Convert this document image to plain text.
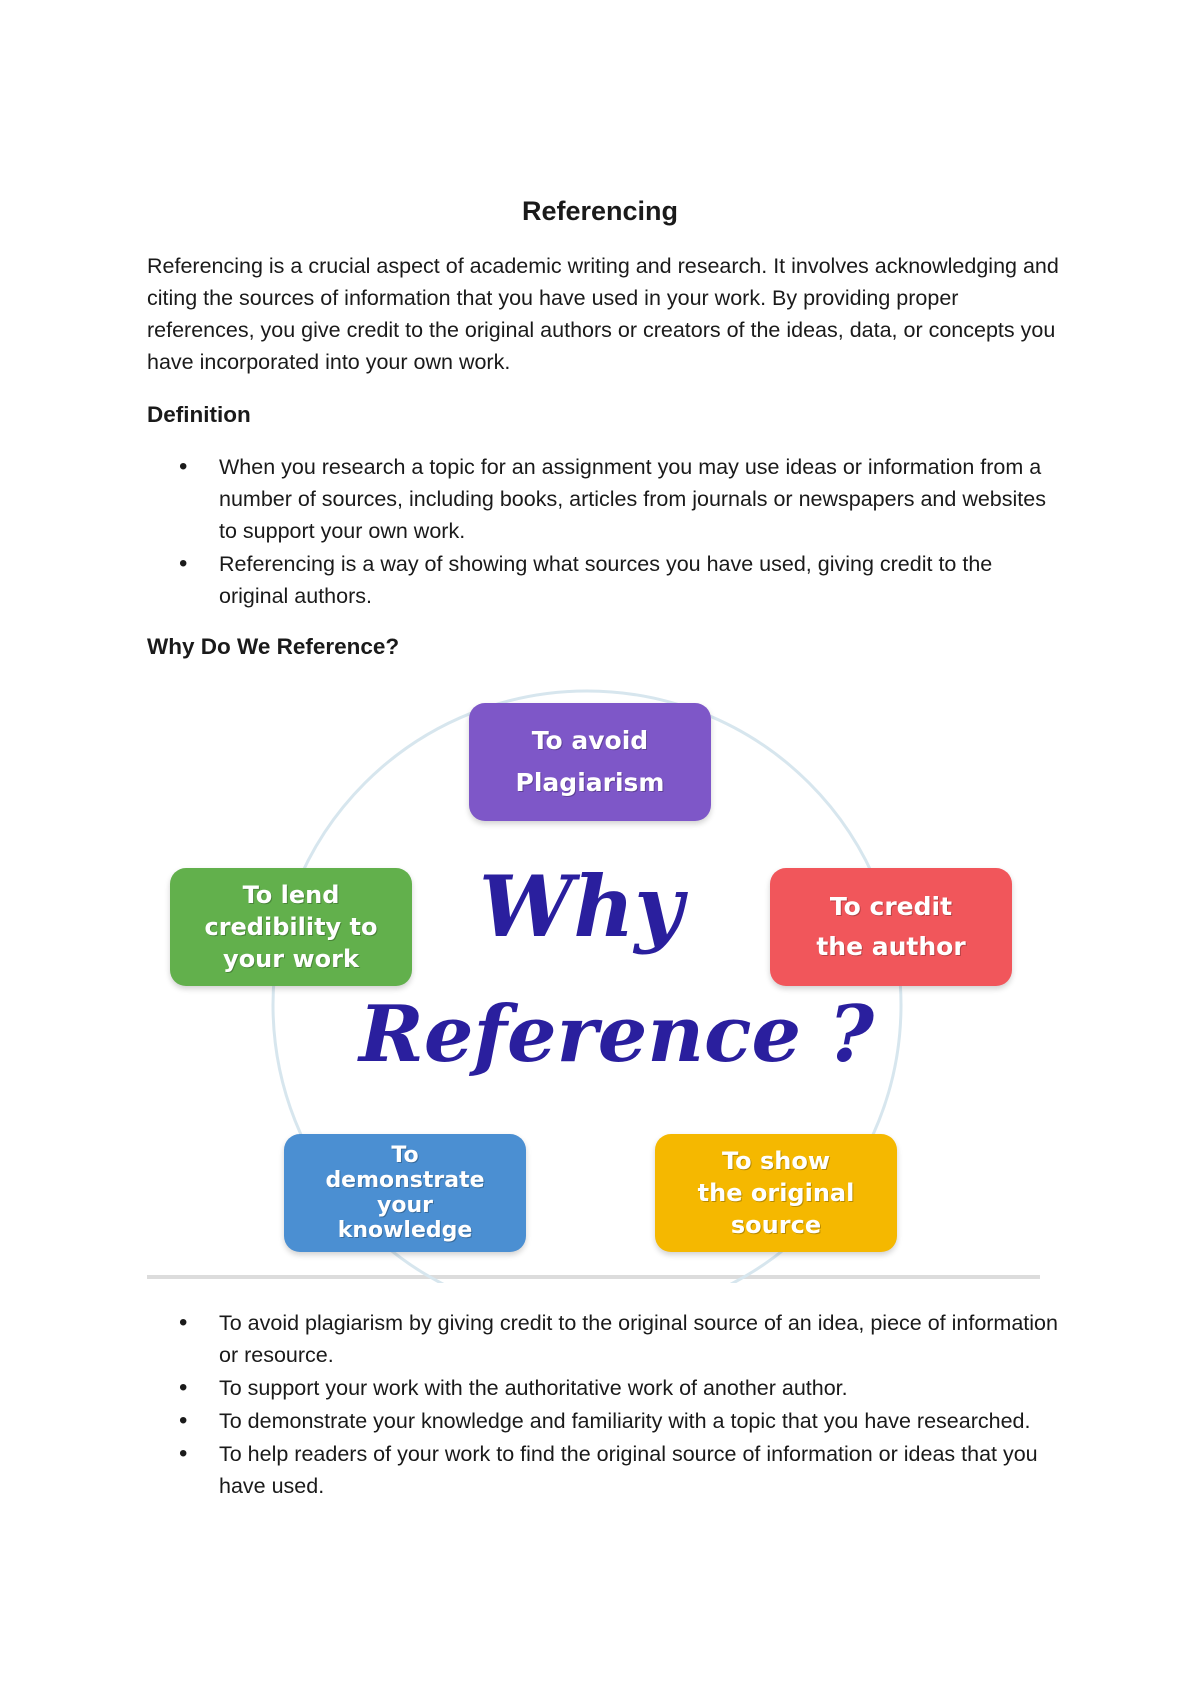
Referencing

Referencing is a crucial aspect of academic writing and research. It involves acknowledging and citing the sources of information that you have used in your work. By providing proper references, you give credit to the original authors or creators of the ideas, data, or concepts you have incorporated into your own work.

Definition
• When you research a topic for an assignment you may use ideas or information from a number of sources, including books, articles from journals or newspapers and websites to support your own work.
• Referencing is a way of showing what sources you have used, giving credit to the original authors.
Why Do We Reference?
To avoid
Plagiarism
To credit
the author
To show
the original
source
To
demonstrate
your
knowledge
To lend
credibility to
your work
Why
Reference ?
• To avoid plagiarism by giving credit to the original source of an idea, piece of information or resource.
• To support your work with the authoritative work of another author.
• To demonstrate your knowledge and familiarity with a topic that you have researched.
• To help readers of your work to find the original source of information or ideas that you have used.
